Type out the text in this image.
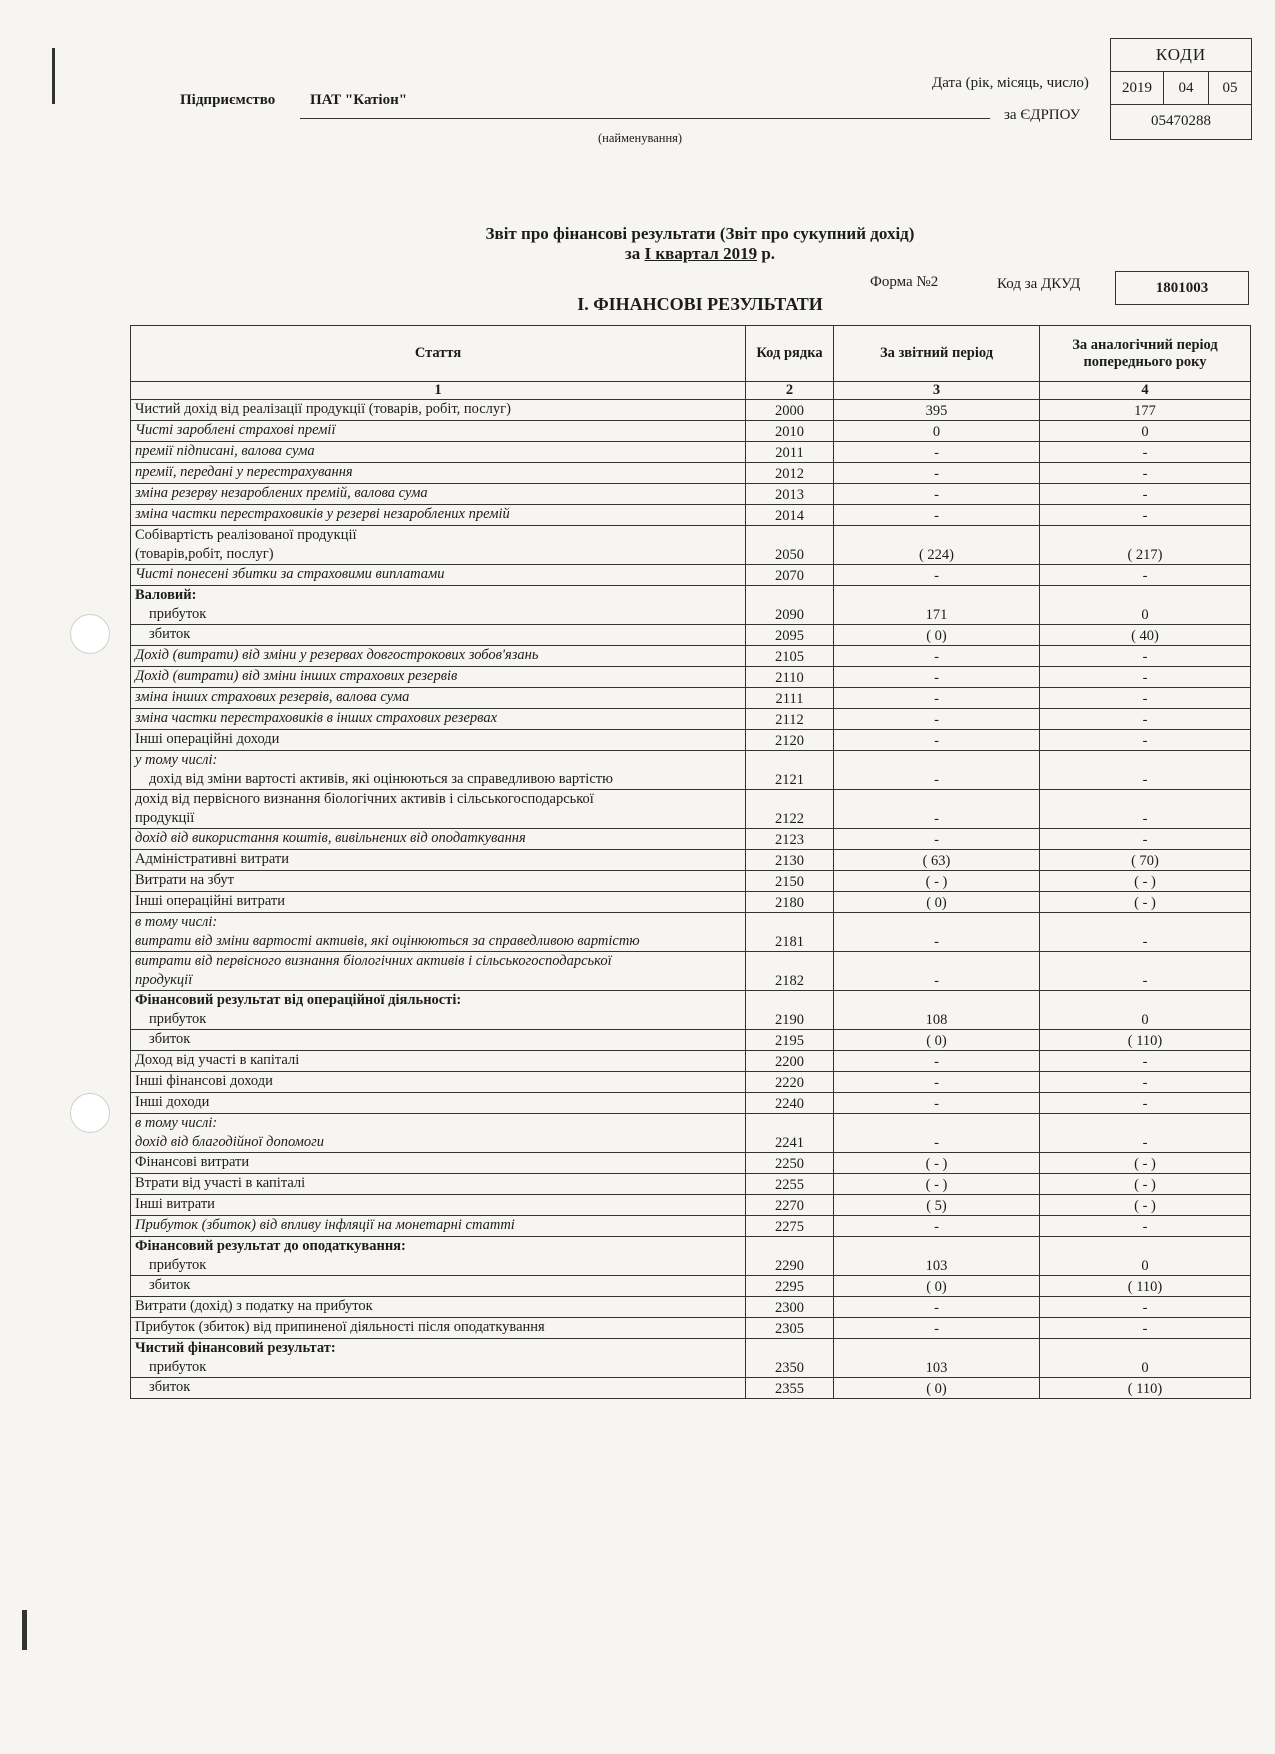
Підприємство ПАТ "Катіон"
(найменування)
Дата (рік, місяць, число)
за ЄДРПОУ
КОДИ
2019	04	05
05470288
Звіт про фінансові результати (Звіт про сукупний дохід)
за I квартал 2019 р.
Форма №2	Код за ДКУД	1801003
I. ФІНАНСОВІ РЕЗУЛЬТАТИ
Стаття	Код рядка	За звітний період	За аналогічний період попереднього року
1	2	3	4

Чистий дохід від реалізації продукції (товарів, робіт, послуг)	2000	395	177

Чисті зароблені страхові премії	2010	0	0

премії підписані, валова сума	2011	-	-

премії, передані у перестрахування	2012	-	-

зміна резерву незароблених премій, валова сума	2013	-	-

зміна частки перестраховиків у резерві незароблених премій	2014	-	-

Собівартість реалізованої продукції
(товарів,робіт, послуг)	2050	( 224)	( 217)

Чисті понесені збитки за страховими виплатами	2070	-	-

Валовий:
прибуток	2090	171	0

збиток	2095	( 0)	( 40)

Дохід (витрати) від зміни у резервах довгострокових зобов'язань	2105	-	-

Дохід (витрати) від зміни інших страхових резервів	2110	-	-

зміна інших страхових резервів, валова сума	2111	-	-

зміна частки перестраховиків в інших страхових резервах	2112	-	-

Інші операційні доходи	2120	-	-

у тому числі:
дохід від зміни вартості активів, які оцінюються за справедливою вартістю	2121	-	-

дохід від первісного визнання біологічних активів і сільськогосподарської
продукції	2122	-	-

дохід від використання коштів, вивільнених від оподаткування	2123	-	-

Адміністративні витрати	2130	( 63)	( 70)

Витрати на збут	2150	( - )	( - )

Інші операційні витрати	2180	( 0)	( - )

в тому числі:
витрати від зміни вартості активів, які оцінюються за справедливою вартістю	2181	-	-

витрати від первісного визнання біологічних активів і сільськогосподарської
продукції	2182	-	-

Фінансовий результат від операційної діяльності:
прибуток	2190	108	0

збиток	2195	( 0)	( 110)

Доход від участі в капіталі	2200	-	-

Інші фінансові доходи	2220	-	-

Інші доходи	2240	-	-

в тому числі:
дохід від благодійної допомоги	2241	-	-

Фінансові витрати	2250	( - )	( - )

Втрати від участі в капіталі	2255	( - )	( - )

Інші витрати	2270	( 5)	( - )

Прибуток (збиток) від впливу інфляції на монетарні статті	2275	-	-

Фінансовий результат до оподаткування:
прибуток	2290	103	0

збиток	2295	( 0)	( 110)

Витрати (дохід) з податку на прибуток	2300	-	-

Прибуток (збиток) від припиненої діяльності після оподаткування	2305	-	-

Чистий фінансовий результат:
прибуток	2350	103	0

збиток	2355	( 0)	( 110)
